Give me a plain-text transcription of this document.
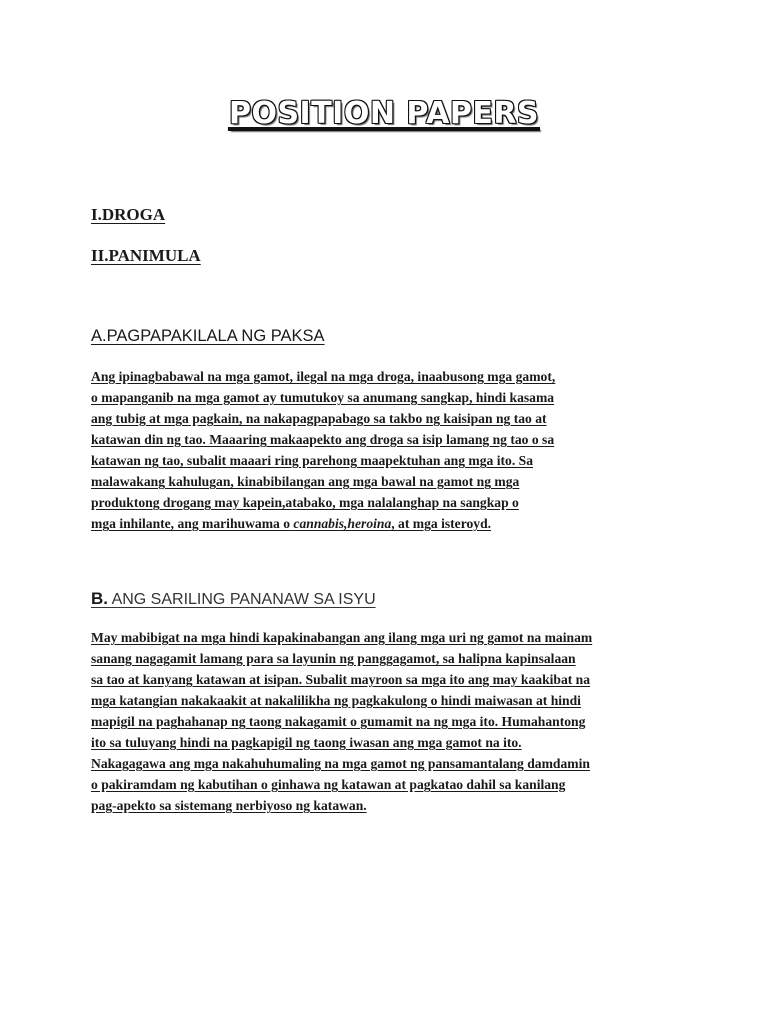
POSITION PAPERS
I.DROGA
II.PANIMULA
A.PAGPAPAKILALA NG PAKSA
Ang ipinagbabawal na mga gamot, ilegal na mga droga, inaabusong mga gamot,
o mapanganib na mga gamot ay tumutukoy sa anumang sangkap, hindi kasama
ang tubig at mga pagkain, na nakapagpapabago sa takbo ng kaisipan ng tao at
katawan din ng tao. Maaaring makaapekto ang droga sa isip lamang ng tao o sa
katawan ng tao, subalit maaari ring parehong maapektuhan ang mga ito. Sa
malawakang kahulugan, kinabibilangan ang mga bawal na gamot ng mga
produktong drogang may kapein,atabako, mga nalalanghap na sangkap o
mga inhilante, ang marihuwama o cannabis,heroina, at mga isteroyd.
B. ANG SARILING PANANAW SA ISYU
May mabibigat na mga hindi kapakinabangan ang ilang mga uri ng gamot na mainam
sanang nagagamit lamang para sa layunin ng panggagamot, sa halipna kapinsalaan
sa tao at kanyang katawan at isipan. Subalit mayroon sa mga ito ang may kaakibat na
mga katangian nakakaakit at nakalilikha ng pagkakulong o hindi maiwasan at hindi
mapigil na paghahanap ng taong nakagamit o gumamit na ng mga ito. Humahantong
ito sa tuluyang hindi na pagkapigil ng taong iwasan ang mga gamot na ito.
Nakagagawa ang mga nakahuhumaling na mga gamot ng pansamantalang damdamin
o pakiramdam ng kabutihan o ginhawa ng katawan at pagkatao dahil sa kanilang
pag-apekto sa sistemang nerbiyoso ng katawan.
